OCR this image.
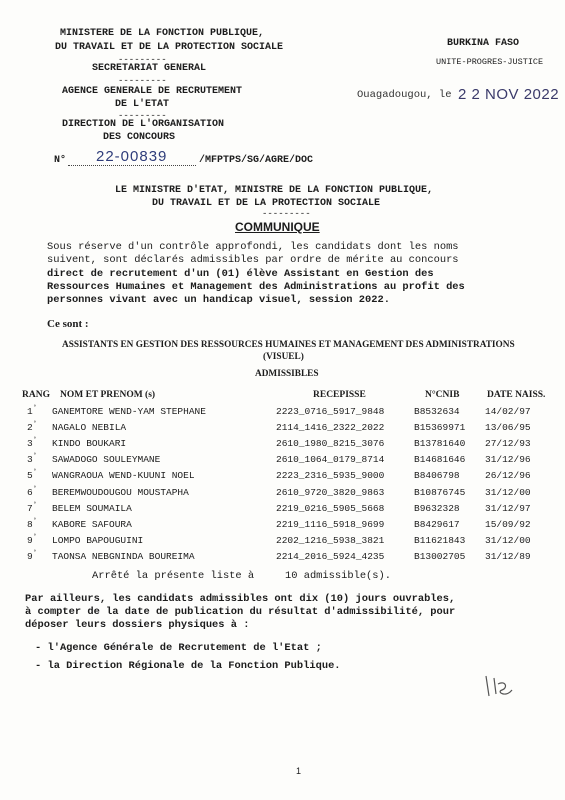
MINISTERE DE LA FONCTION PUBLIQUE,
DU TRAVAIL ET DE LA PROTECTION SOCIALE
---------
SECRETARIAT GENERAL
---------
AGENCE GENERALE DE RECRUTEMENT
DE L'ETAT
---------
DIRECTION DE L'ORGANISATION
DES CONCOURS
BURKINA FASO
UNITE-PROGRES-JUSTICE
Ouagadougou, le 2 2 NOV 2022
N° 22-00839	/MFPTPS/SG/AGRE/DOC
LE MINISTRE D'ETAT, MINISTRE DE LA FONCTION PUBLIQUE,
DU TRAVAIL ET DE LA PROTECTION SOCIALE
---------
COMMUNIQUE
Sous réserve d'un contrôle approfondi, les candidats dont les noms
suivent, sont déclarés admissibles par ordre de mérite au concours
direct de recrutement d'un (01) élève Assistant en Gestion des
Ressources Humaines et Management des Administrations au profit des
personnes vivant avec un handicap visuel, session 2022.
Ce sont :
ASSISTANTS EN GESTION DES RESSOURCES HUMAINES ET MANAGEMENT DES ADMINISTRATIONS
(VISUEL)
ADMISSIBLES
RANG NOM ET PRENOM (s)	RECEPISSE	N°CNIB	DATE NAISS.
1 ° GANEMTORE WEND-YAM STEPHANE	2223_0716_5917_9848	B8532634	14/02/97
2 ° NAGALO NEBILA	2114_1416_2322_2022	B15369971 13/06/95
3 ° KINDO BOUKARI	2610_1980_8215_3076	B13781640 27/12/93
3 ° SAWADOGO SOULEYMANE	2610_1064_0179_8714	B14681646 31/12/96
5 ° WANGRAOUA WEND-KUUNI NOEL	2223_2316_5935_9000	B8406798	26/12/96
6 ° BEREMWOUDOUGOU MOUSTAPHA	2610_9720_3820_9863	B10876745 31/12/00
7 ° BELEM SOUMAILA	2219_0216_5905_5668	B9632328	31/12/97
8 ° KABORE SAFOURA	2219_1116_5918_9699	B8429617	15/09/92
9 ° LOMPO BAPOUGUINI	2202_1216_5938_3821	B11621843 31/12/00
9 ° TAONSA NEBGNINDA BOUREIMA	2214_2016_5924_4235	B13002705 31/12/89
Arrêté la présente liste à	10 admissible(s).
Par ailleurs, les candidats admissibles ont dix (10) jours ouvrables,
à compter de la date de publication du résultat d'admissibilité, pour
déposer leurs dossiers physiques à :
- l'Agence Générale de Recrutement de l'Etat ;
- la Direction Régionale de la Fonction Publique.
1
